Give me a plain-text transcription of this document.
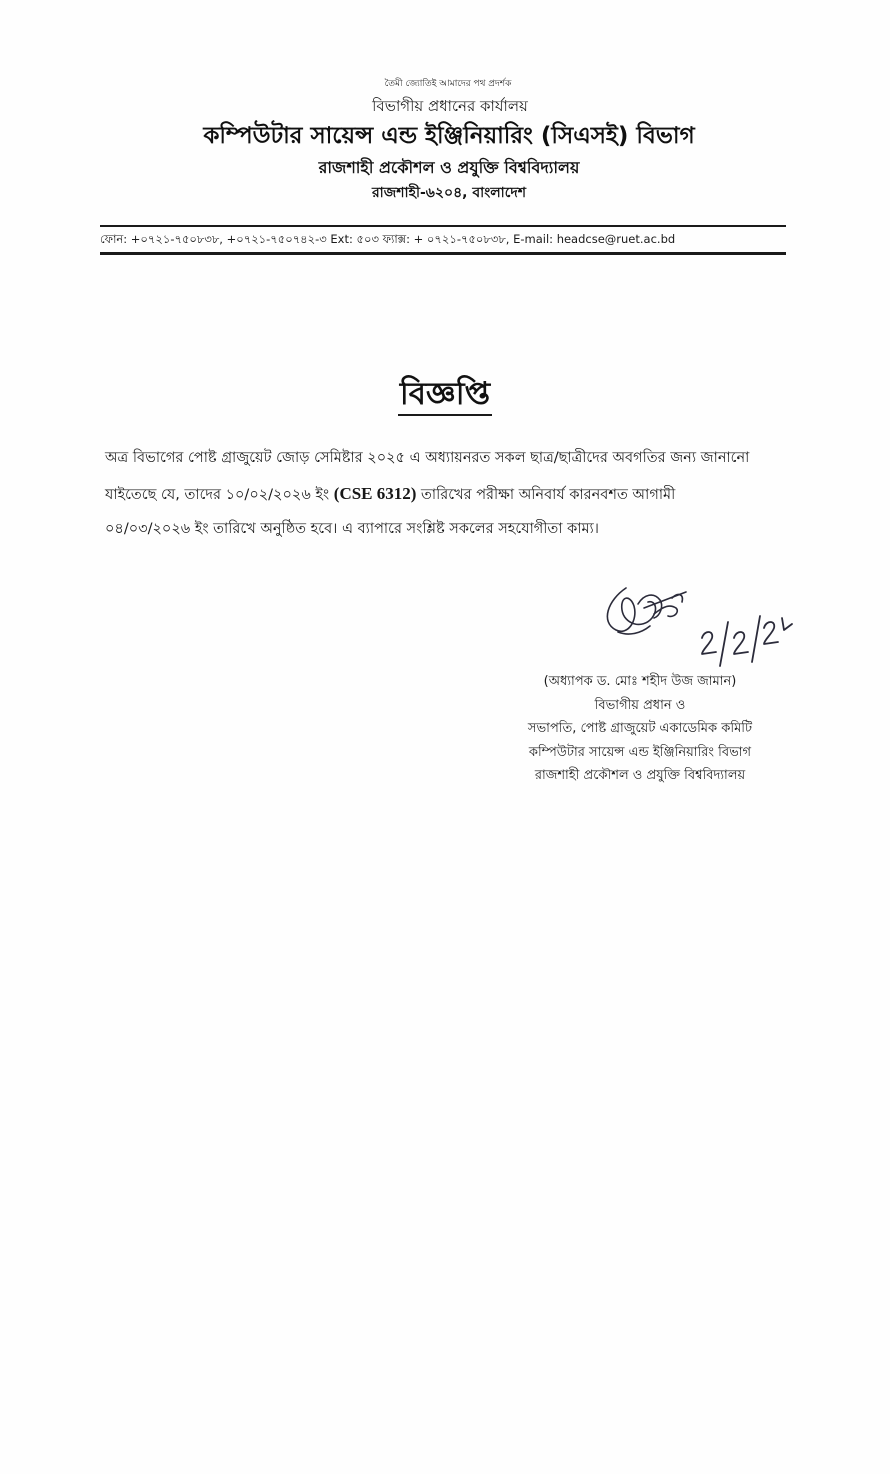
তৈমী জ্যোতিই আমাদের পথ প্রদর্শক
বিভাগীয় প্রধানের কার্যালয়
কম্পিউটার সায়েন্স এন্ড ইঞ্জিনিয়ারিং (সিএসই) বিভাগ
রাজশাহী প্রকৌশল ও প্রযুক্তি বিশ্ববিদ্যালয়
রাজশাহী-৬২০৪, বাংলাদেশ
ফোন: +০৭২১-৭৫০৮৩৮, +০৭২১-৭৫০৭৪২-৩ Ext: ৫০৩ ফ্যাক্স: + ০৭২১-৭৫০৮৩৮, E-mail: headcse@ruet.ac.bd
বিজ্ঞপ্তি
অত্র বিভাগের পোষ্ট গ্রাজুয়েট জোড় সেমিষ্টার ২০২৫ এ অধ্যায়নরত সকল ছাত্র/ছাত্রীদের অবগতির জন্য জানানো
যাইতেছে যে, তাদের ১০/০২/২০২৬ ইং (CSE 6312) তারিখের পরীক্ষা অনিবার্য কারনবশত আগামী
০৪/০৩/২০২৬ ইং তারিখে অনুষ্ঠিত হবে। এ ব্যাপারে সংশ্লিষ্ট সকলের সহযোগীতা কাম্য।
2/2/24
(অধ্যাপক ড. মোঃ শহীদ উজ জামান)
বিভাগীয় প্রধান ও
সভাপতি, পোষ্ট গ্রাজুয়েট একাডেমিক কমিটি
কম্পিউটার সায়েন্স এন্ড ইঞ্জিনিয়ারিং বিভাগ
রাজশাহী প্রকৌশল ও প্রযুক্তি বিশ্ববিদ্যালয়
